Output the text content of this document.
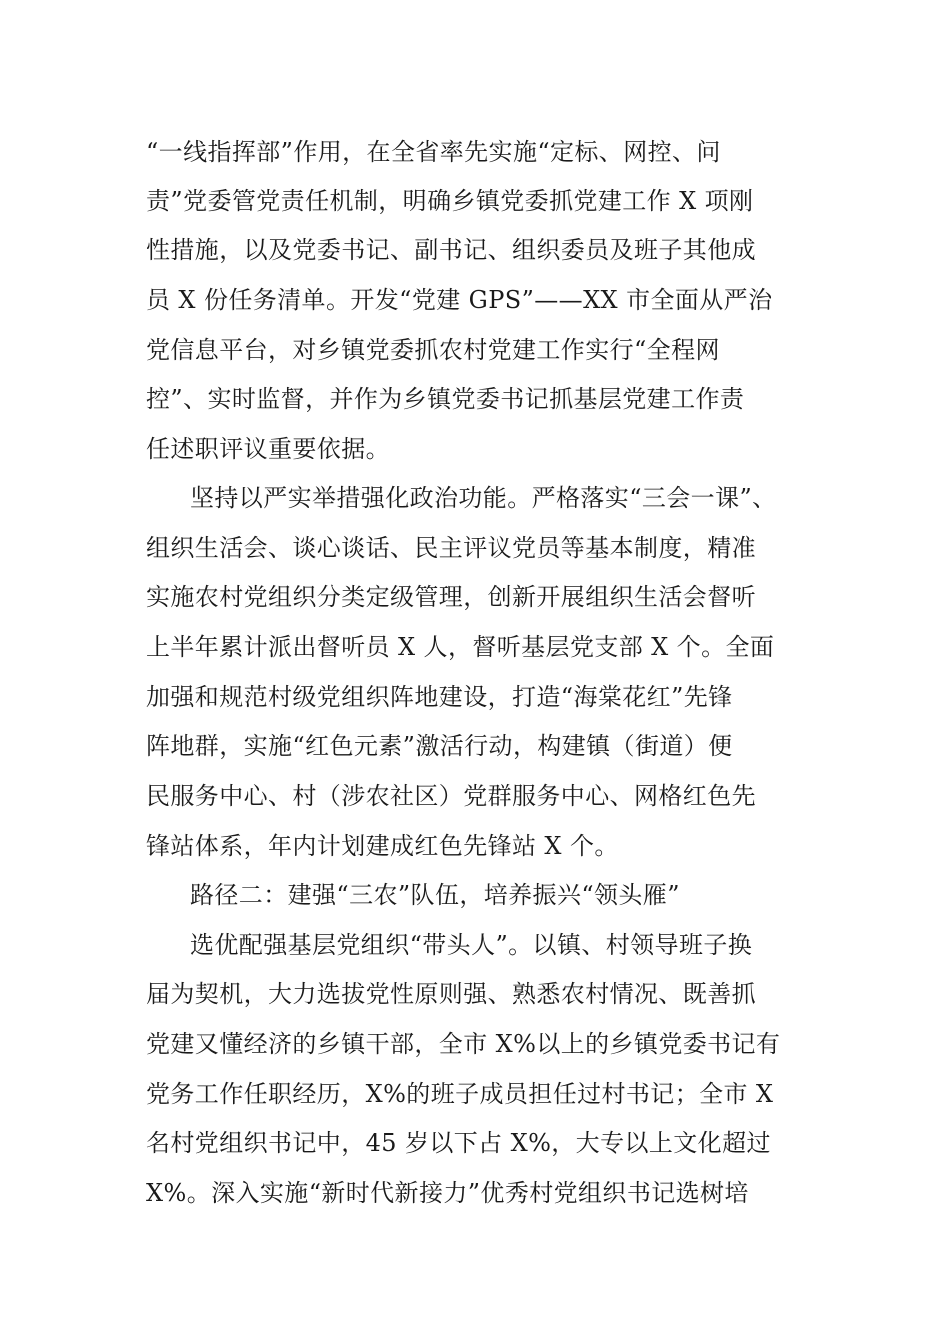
“一线指挥部”作用，在全省率先实施“定标、网控、问
责”党委管党责任机制，明确乡镇党委抓党建工作 X 项刚
性措施，以及党委书记、副书记、组织委员及班子其他成
员 X 份任务清单。开发“党建 GPS”——XX 市全面从严治
党信息平台，对乡镇党委抓农村党建工作实行“全程网
控”、实时监督，并作为乡镇党委书记抓基层党建工作责
任述职评议重要依据。
坚持以严实举措强化政治功能。严格落实“三会一课”、
组织生活会、谈心谈话、民主评议党员等基本制度，精准
实施农村党组织分类定级管理，创新开展组织生活会督听
上半年累计派出督听员 X 人，督听基层党支部 X 个。全面
加强和规范村级党组织阵地建设，打造“海棠花红”先锋
阵地群，实施“红色元素”激活行动，构建镇（街道）便
民服务中心、村（涉农社区）党群服务中心、网格红色先
锋站体系，年内计划建成红色先锋站 X 个。
路径二：建强“三农”队伍，培养振兴“领头雁”
选优配强基层党组织“带头人”。以镇、村领导班子换
届为契机，大力选拔党性原则强、熟悉农村情况、既善抓
党建又懂经济的乡镇干部，全市 X%以上的乡镇党委书记有
党务工作任职经历，X%的班子成员担任过村书记；全市 X
名村党组织书记中，45 岁以下占 X%，大专以上文化超过
X%。深入实施“新时代新接力”优秀村党组织书记选树培
